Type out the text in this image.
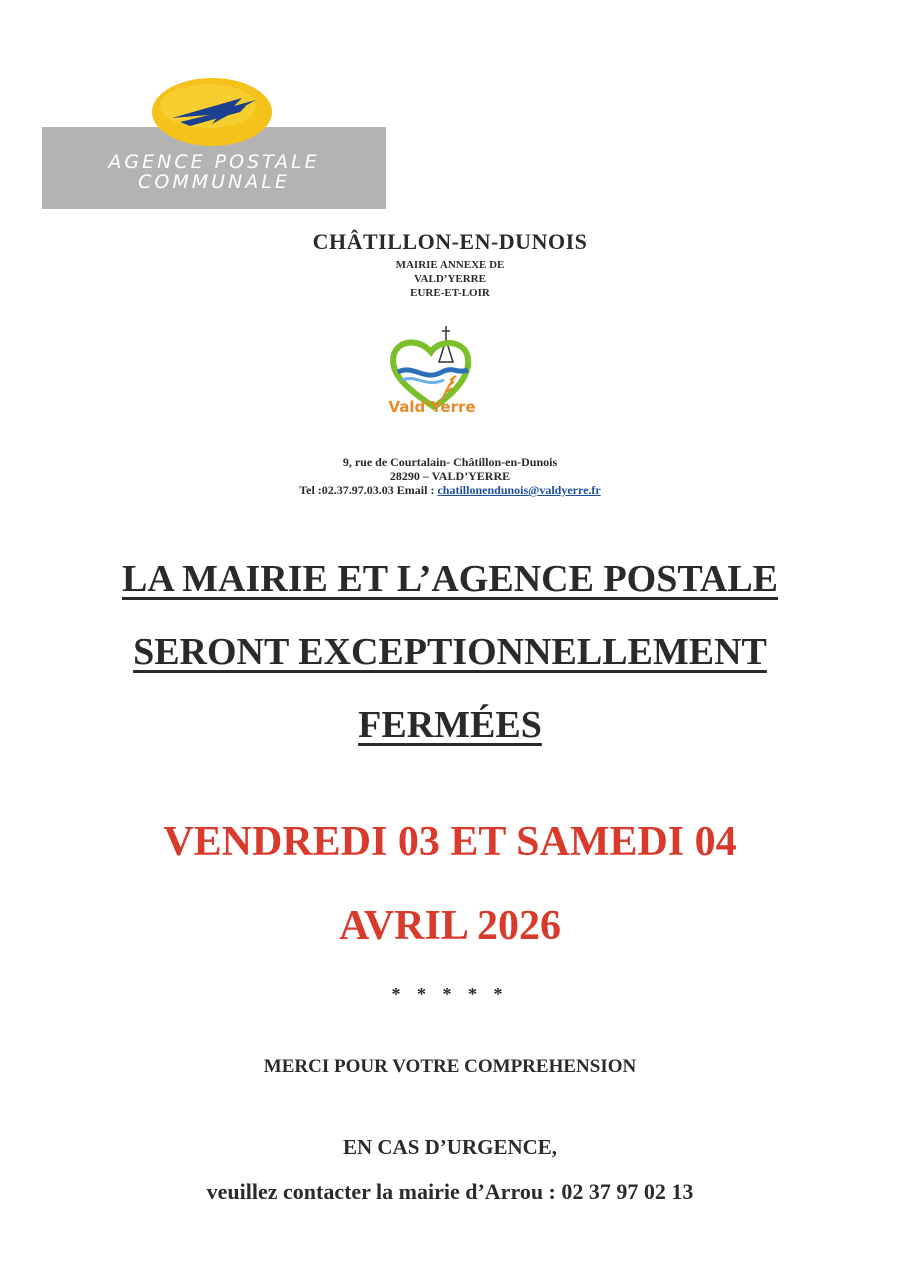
AGENCE POSTALE
COMMUNALE
CHÂTILLON-EN-DUNOIS
MAIRIE ANNEXE DE
VALD’YERRE
EURE-ET-LOIR
Vald’Yerre
9, rue de Courtalain- Châtillon-en-Dunois
28290 – VALD’YERRE
Tel :02.37.97.03.03 Email : chatillonendunois@valdyerre.fr
LA MAIRIE ET L’AGENCE POSTALE
SERONT EXCEPTIONNELLEMENT
FERMÉES
VENDREDI 03 ET SAMEDI 04
AVRIL 2026
* * * * *
MERCI POUR VOTRE COMPREHENSION
EN CAS D’URGENCE,
veuillez contacter la mairie d’Arrou : 02 37 97 02 13
